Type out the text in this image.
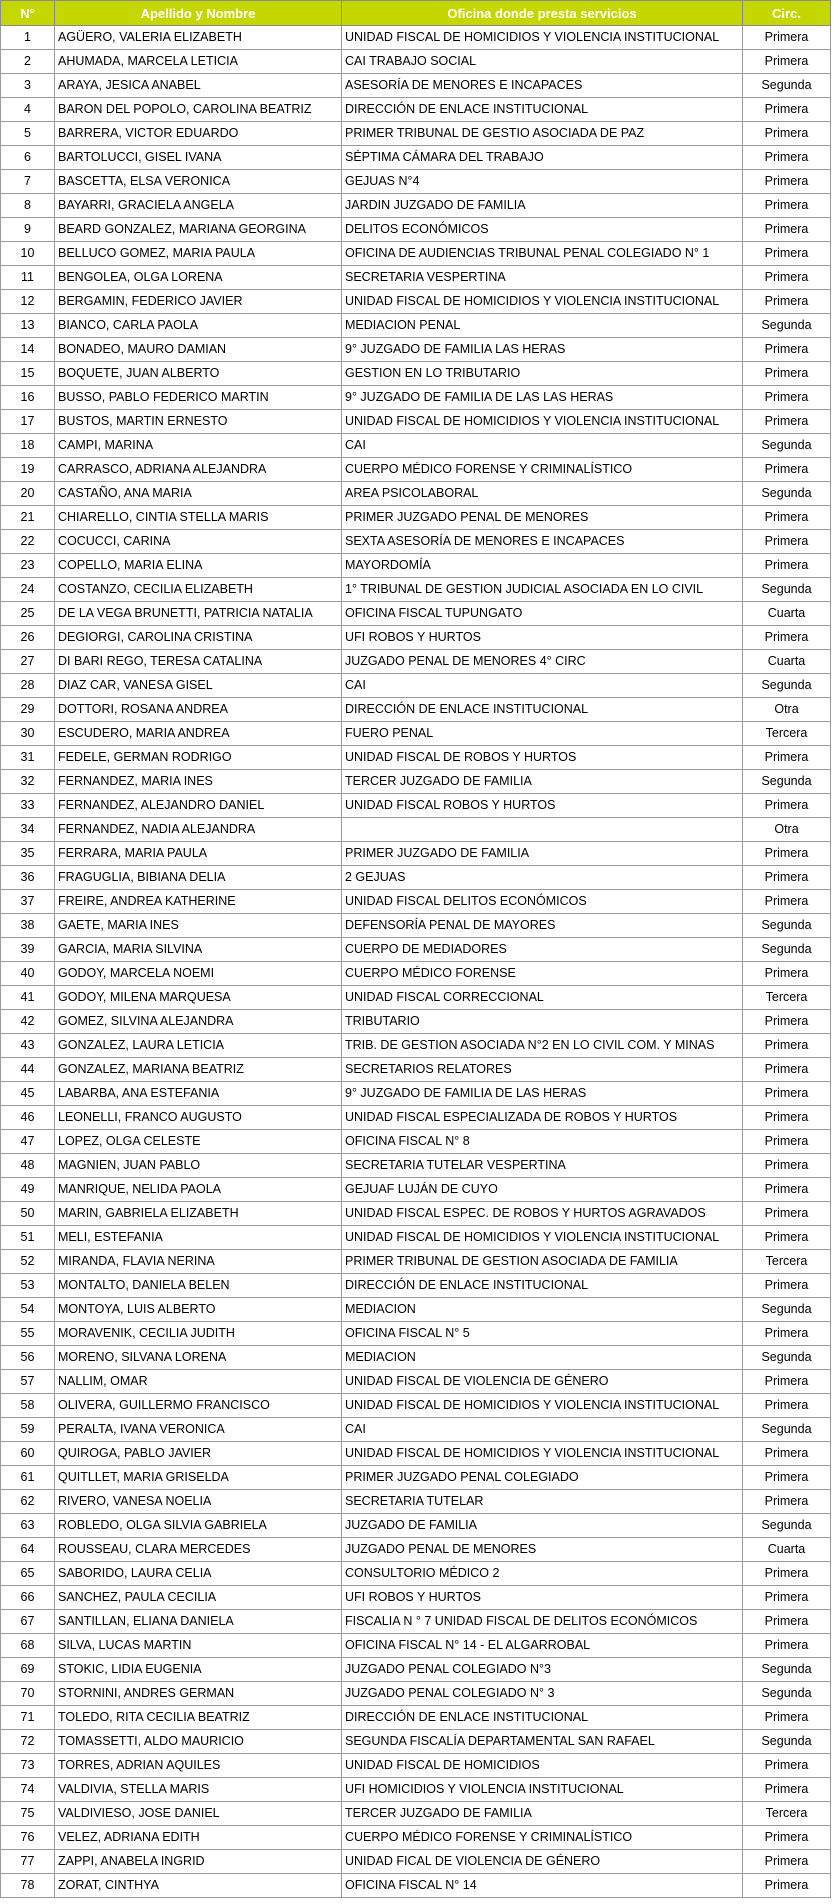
N°	Apellido y Nombre	Oficina donde presta servicios	Circ.
1	AGÜERO, VALERIA ELIZABETH	UNIDAD FISCAL DE HOMICIDIOS Y VIOLENCIA INSTITUCIONAL	Primera
2	AHUMADA, MARCELA LETICIA	CAI TRABAJO SOCIAL	Primera
3	ARAYA, JESICA ANABEL	ASESORÍA DE MENORES E INCAPACES	Segunda
4	BARON DEL POPOLO, CAROLINA BEATRIZ	DIRECCIÓN DE ENLACE INSTITUCIONAL	Primera
5	BARRERA, VICTOR EDUARDO	PRIMER TRIBUNAL DE GESTIO ASOCIADA DE PAZ	Primera
6	BARTOLUCCI, GISEL IVANA	SÉPTIMA CÁMARA DEL TRABAJO	Primera
7	BASCETTA, ELSA VERONICA	GEJUAS N°4	Primera
8	BAYARRI, GRACIELA ANGELA	JARDIN JUZGADO DE FAMILIA	Primera
9	BEARD GONZALEZ, MARIANA GEORGINA	DELITOS ECONÓMICOS	Primera
10	BELLUCO GOMEZ, MARIA PAULA	OFICINA DE AUDIENCIAS TRIBUNAL PENAL COLEGIADO N° 1	Primera
11	BENGOLEA, OLGA LORENA	SECRETARIA VESPERTINA	Primera
12	BERGAMIN, FEDERICO JAVIER	UNIDAD FISCAL DE HOMICIDIOS Y VIOLENCIA INSTITUCIONAL	Primera
13	BIANCO, CARLA PAOLA	MEDIACION PENAL	Segunda
14	BONADEO, MAURO DAMIAN	9° JUZGADO DE FAMILIA LAS HERAS	Primera
15	BOQUETE, JUAN ALBERTO	GESTION EN LO TRIBUTARIO	Primera
16	BUSSO, PABLO FEDERICO MARTIN	9° JUZGADO DE FAMILIA DE LAS LAS HERAS	Primera
17	BUSTOS, MARTIN ERNESTO	UNIDAD FISCAL DE HOMICIDIOS Y VIOLENCIA INSTITUCIONAL	Primera
18	CAMPI, MARINA	CAI	Segunda
19	CARRASCO, ADRIANA ALEJANDRA	CUERPO MÉDICO FORENSE Y CRIMINALÍSTICO	Primera
20	CASTAÑO, ANA MARIA	AREA PSICOLABORAL	Segunda
21	CHIARELLO, CINTIA STELLA MARIS	PRIMER JUZGADO PENAL DE MENORES	Primera
22	COCUCCI, CARINA	SEXTA ASESORÍA DE MENORES E INCAPACES	Primera
23	COPELLO, MARIA ELINA	MAYORDOMÍA	Primera
24	COSTANZO, CECILIA ELIZABETH	1° TRIBUNAL DE GESTION JUDICIAL ASOCIADA EN LO CIVIL	Segunda
25	DE LA VEGA BRUNETTI, PATRICIA NATALIA	OFICINA FISCAL TUPUNGATO	Cuarta
26	DEGIORGI, CAROLINA CRISTINA	UFI ROBOS Y HURTOS	Primera
27	DI BARI REGO, TERESA CATALINA	JUZGADO PENAL DE MENORES 4° CIRC	Cuarta
28	DIAZ CAR, VANESA GISEL	CAI	Segunda
29	DOTTORI, ROSANA ANDREA	DIRECCIÓN DE ENLACE INSTITUCIONAL	Otra
30	ESCUDERO, MARIA ANDREA	FUERO PENAL	Tercera
31	FEDELE, GERMAN RODRIGO	UNIDAD FISCAL DE ROBOS Y HURTOS	Primera
32	FERNANDEZ, MARIA INES	TERCER JUZGADO DE FAMILIA	Segunda
33	FERNANDEZ, ALEJANDRO DANIEL	UNIDAD FISCAL ROBOS Y HURTOS	Primera
34	FERNANDEZ, NADIA ALEJANDRA		Otra
35	FERRARA, MARIA PAULA	PRIMER JUZGADO DE FAMILIA	Primera
36	FRAGUGLIA, BIBIANA DELIA	2 GEJUAS	Primera
37	FREIRE, ANDREA KATHERINE	UNIDAD FISCAL DELITOS ECONÓMICOS	Primera
38	GAETE, MARIA INES	DEFENSORÍA PENAL DE MAYORES	Segunda
39	GARCIA, MARIA SILVINA	CUERPO DE MEDIADORES	Segunda
40	GODOY, MARCELA NOEMI	CUERPO MÉDICO FORENSE	Primera
41	GODOY, MILENA MARQUESA	UNIDAD FISCAL CORRECCIONAL	Tercera
42	GOMEZ, SILVINA ALEJANDRA	TRIBUTARIO	Primera
43	GONZALEZ, LAURA LETICIA	TRIB. DE GESTION ASOCIADA N°2 EN LO CIVIL COM. Y MINAS	Primera
44	GONZALEZ, MARIANA BEATRIZ	SECRETARIOS RELATORES	Primera
45	LABARBA, ANA ESTEFANIA	9° JUZGADO DE FAMILIA DE LAS HERAS	Primera
46	LEONELLI, FRANCO AUGUSTO	UNIDAD FISCAL ESPECIALIZADA DE ROBOS Y HURTOS	Primera
47	LOPEZ, OLGA CELESTE	OFICINA FISCAL N° 8	Primera
48	MAGNIEN, JUAN PABLO	SECRETARIA TUTELAR VESPERTINA	Primera
49	MANRIQUE, NELIDA PAOLA	GEJUAF LUJÁN DE CUYO	Primera
50	MARIN, GABRIELA ELIZABETH	UNIDAD FISCAL ESPEC. DE ROBOS Y HURTOS AGRAVADOS	Primera
51	MELI, ESTEFANIA	UNIDAD FISCAL DE HOMICIDIOS Y VIOLENCIA INSTITUCIONAL	Primera
52	MIRANDA, FLAVIA NERINA	PRIMER TRIBUNAL DE GESTION ASOCIADA DE FAMILIA	Tercera
53	MONTALTO, DANIELA BELEN	DIRECCIÓN DE ENLACE INSTITUCIONAL	Primera
54	MONTOYA, LUIS ALBERTO	MEDIACION	Segunda
55	MORAVENIK, CECILIA JUDITH	OFICINA FISCAL N° 5	Primera
56	MORENO, SILVANA LORENA	MEDIACION	Segunda
57	NALLIM, OMAR	UNIDAD FISCAL DE VIOLENCIA DE GÉNERO	Primera
58	OLIVERA, GUILLERMO FRANCISCO	UNIDAD FISCAL DE HOMICIDIOS Y VIOLENCIA INSTITUCIONAL	Primera
59	PERALTA, IVANA VERONICA	CAI	Segunda
60	QUIROGA, PABLO JAVIER	UNIDAD FISCAL DE HOMICIDIOS Y VIOLENCIA INSTITUCIONAL	Primera
61	QUITLLET, MARIA GRISELDA	PRIMER JUZGADO PENAL COLEGIADO	Primera
62	RIVERO, VANESA NOELIA	SECRETARIA TUTELAR	Primera
63	ROBLEDO, OLGA SILVIA GABRIELA	JUZGADO DE FAMILIA	Segunda
64	ROUSSEAU, CLARA MERCEDES	JUZGADO PENAL DE MENORES	Cuarta
65	SABORIDO, LAURA CELIA	CONSULTORIO MÉDICO 2	Primera
66	SANCHEZ, PAULA CECILIA	UFI ROBOS Y HURTOS	Primera
67	SANTILLAN, ELIANA DANIELA	FISCALIA N ° 7 UNIDAD FISCAL DE DELITOS ECONÓMICOS	Primera
68	SILVA, LUCAS MARTIN	OFICINA FISCAL N° 14 - EL ALGARROBAL	Primera
69	STOKIC, LIDIA EUGENIA	JUZGADO PENAL COLEGIADO N°3	Segunda
70	STORNINI, ANDRES GERMAN	JUZGADO PENAL COLEGIADO N° 3	Segunda
71	TOLEDO, RITA CECILIA BEATRIZ	DIRECCIÓN DE ENLACE INSTITUCIONAL	Primera
72	TOMASSETTI, ALDO MAURICIO	SEGUNDA FISCALÍA DEPARTAMENTAL SAN RAFAEL	Segunda
73	TORRES, ADRIAN AQUILES	UNIDAD FISCAL DE HOMICIDIOS	Primera
74	VALDIVIA, STELLA MARIS	UFI HOMICIDIOS Y VIOLENCIA INSTITUCIONAL	Primera
75	VALDIVIESO, JOSE DANIEL	TERCER JUZGADO DE FAMILIA	Tercera
76	VELEZ, ADRIANA EDITH	CUERPO MÉDICO FORENSE Y CRIMINALÍSTICO	Primera
77	ZAPPI, ANABELA INGRID	UNIDAD FICAL DE VIOLENCIA DE GÉNERO	Primera
78	ZORAT, CINTHYA	OFICINA FISCAL N° 14	Primera
